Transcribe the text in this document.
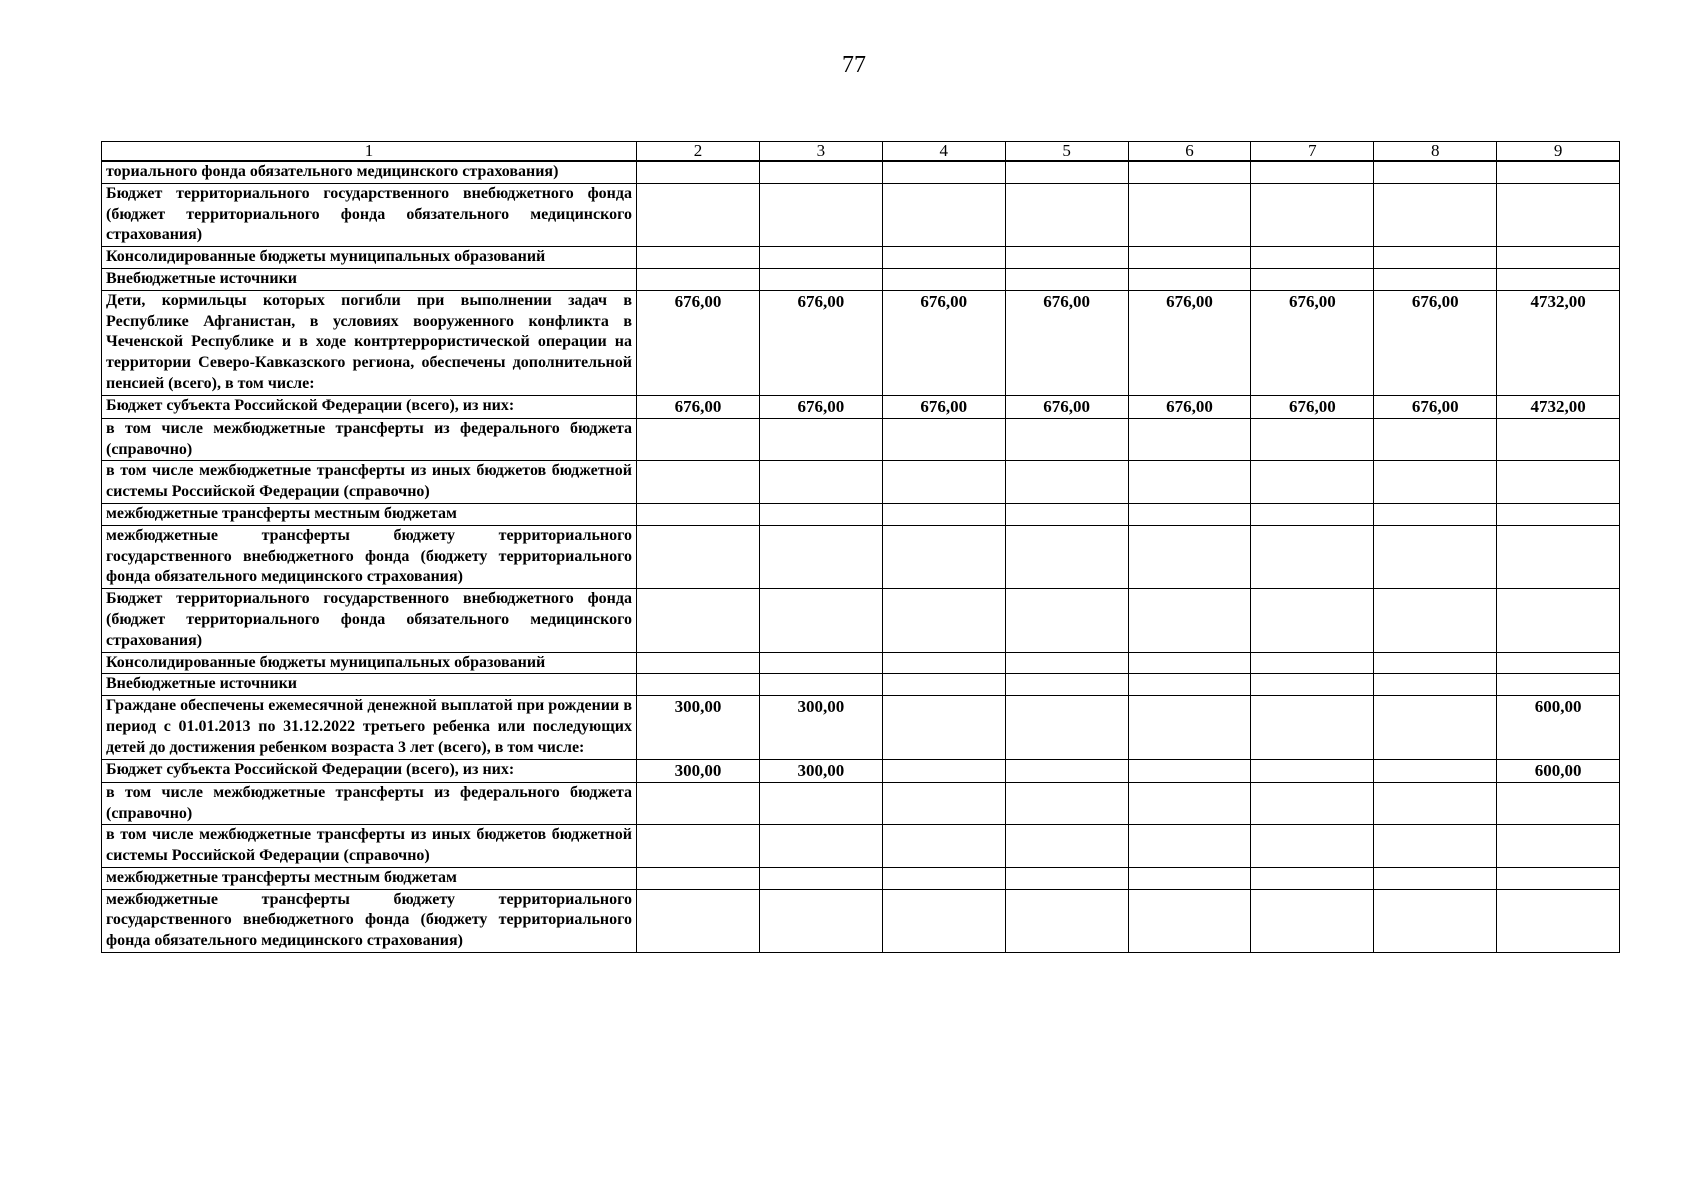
77
1	2	3	4	5	6	7	8	9
ториального фонда обязательного медицинского страхования)								
Бюджет территориального государственного внебюджетного фонда (бюджет территориального фонда обязательного медицинского страхования)								
Консолидированные бюджеты муниципальных образований								
Внебюджетные источники								
Дети, кормильцы которых погибли при выполнении задач в Республике Афганистан, в условиях вооруженного конфликта в Чеченской Республике и в ходе контртеррористической операции на территории Северо-Кавказского региона, обеспечены дополнительной пенсией (всего), в том числе:	676,00	676,00	676,00	676,00	676,00	676,00	676,00	4732,00
Бюджет субъекта Российской Федерации (всего), из них:	676,00	676,00	676,00	676,00	676,00	676,00	676,00	4732,00
в том числе межбюджетные трансферты из федерального бюджета (справочно)								
в том числе межбюджетные трансферты из иных бюджетов бюджетной системы Российской Федерации (справочно)								
межбюджетные трансферты местным бюджетам								
межбюджетные трансферты бюджету территориального государственного внебюджетного фонда (бюджету территориального фонда обязательного медицинского страхования)								
Бюджет территориального государственного внебюджетного фонда (бюджет территориального фонда обязательного медицинского страхования)								
Консолидированные бюджеты муниципальных образований								
Внебюджетные источники								
Граждане обеспечены ежемесячной денежной выплатой при рождении в период с 01.01.2013 по 31.12.2022 третьего ребенка или последующих детей до достижения ребенком возраста 3 лет (всего), в том числе:	300,00	300,00						600,00
Бюджет субъекта Российской Федерации (всего), из них:	300,00	300,00						600,00
в том числе межбюджетные трансферты из федерального бюджета (справочно)								
в том числе межбюджетные трансферты из иных бюджетов бюджетной системы Российской Федерации (справочно)								
межбюджетные трансферты местным бюджетам								
межбюджетные трансферты бюджету территориального государственного внебюджетного фонда (бюджету территориального фонда обязательного медицинского страхования)								
